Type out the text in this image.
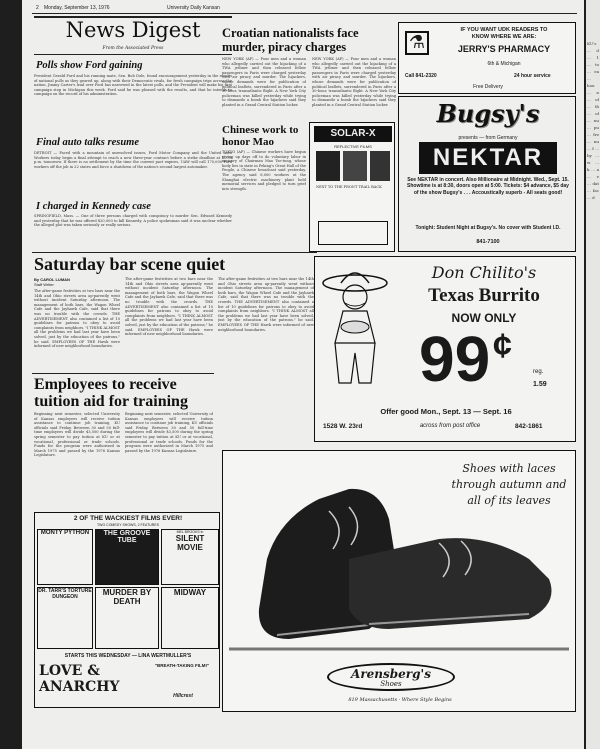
2 Monday, September 13, 1976	University Daily Kansan
News Digest
From the Associated Press
Polls show Ford gaining
President Gerald Ford and his running mate, Sen. Bob Dole, found encouragement yesterday in the results of national polls as they geared up, along with their Democratic rivals, for fresh campaign trips across the nation. Jimmy Carter's lead over Ford has narrowed in the latest polls, and the President will make his first campaign stop in Michigan this week. Ford said he was pleased with the results, and that he intends to campaign on the record of his administration.
Final auto talks resume
DETROIT — Faced with a mountain of unresolved issues, Ford Motor Company and the United Auto Workers today begin a final attempt to reach a new three-year contract before a strike deadline at 11:59 p.m. tomorrow. If there is no settlement by the time the current pact expires, UAW will call 170,000 Ford workers off the job in 22 states and force a shutdown of the nation's second largest automaker.
I charged in Kennedy case
SPRINGFIELD, Mass. — One of three persons charged with conspiracy to murder Sen. Edward Kennedy and yesterday that he was offered $20,000 to kill Kennedy. A police spokesman said it was unclear whether the alleged plot was taken seriously or really serious.
Croatian nationalists face murder, piracy charges
NEW YORK (AP) — Four men and a woman who allegedly carried out the hijacking of a TWA jetliner and then released fellow passengers in Paris were charged yesterday with air piracy and murder. The hijackers, whose demands were for publication of political leaflets, surrendered in Paris after a 30-hour, transatlantic flight. A New York City policeman was killed yesterday while trying to dismantle a bomb the hijackers said they planted in a Grand Central Station locker.
NEW YORK (AP) — Four men and a woman who allegedly carried out the hijacking of a TWA jetliner and then released fellow passengers in Paris were charged yesterday with air piracy and murder. The hijackers, whose demands were for publication of political leaflets, surrendered in Paris after a 30-hour, transatlantic flight. A New York City policeman was killed yesterday while trying to dismantle a bomb the hijackers said they planted in a Grand Central Station locker.
Chinese work to honor Mao
TOKYO (AP) — Chinese workers have begun giving up days off to do voluntary labor in memory of Chairman Mao Tse-tung, whose body lies in state in Peking's Great Hall of the People, a Chinese broadcast said yesterday. The agency said 8,000 workers at the Shanghai electric machinery plant held memorial services and pledged to turn grief into strength.
⚗
IF YOU WANT UDK READERS TO
KNOW WHERE WE ARE:
JERRY'S PHARMACY
6th & Michigan
Call 841-2320	24 hour service
Free Delivery
SOLAR-X
REFLECTIVE FILMS
NEXT TO THE FRONT TRAIL BACK
Bugsy's
presents — from Germany
NEKTAR
See NEKTAR in concert. Also Millionaire at Midnight. Wed., Sept. 15. Showtime is at 8:30, doors open at 5:00. Tickets: $4 advance, $5 day of the show Bugsy's . . . Accoustically superb - All seats good!
Tonight: Student Night at Bugsy's. No cover with Student I.D.
841-7100
Saturday bar scene quiet
By CAROL LUMAN
Staff Writer
The after-game festivities at two bars near the 14th and Ohio streets area ap-parently went without incident Saturday afternoon. The management of both bars, the Wagon Wheel Cafe and the Jayhawk Cafe, said that there was no trouble with the crowds. THE ADVERTISEMENT also contained a list of 10 guidelines for patrons to obey to avoid complaints from neighbors. "I THINK ALMOST all the problems we had last year have been solved, just by the education of the patrons," he said. EMPLOYEES OF THE Hawk were informed of new neighborhood boundaries.
The after-game festivities at two bars near the 14th and Ohio streets area ap-parently went without incident Saturday afternoon. The management of both bars, the Wagon Wheel Cafe and the Jayhawk Cafe, said that there was no trouble with the crowds. THE ADVERTISEMENT also contained a list of 10 guidelines for patrons to obey to avoid complaints from neighbors. "I THINK ALMOST all the problems we had last year have been solved, just by the education of the patrons," he said. EMPLOYEES OF THE Hawk were informed of new neighborhood boundaries.
The after-game festivities at two bars near the 14th and Ohio streets area ap-parently went without incident Saturday afternoon. The management of both bars, the Wagon Wheel Cafe and the Jayhawk Cafe, said that there was no trouble with the crowds. THE ADVERTISEMENT also contained a list of 10 guidelines for patrons to obey to avoid complaints from neighbors. "I THINK ALMOST all the problems we had last year have been solved, just by the education of the patrons," he said. EMPLOYEES OF THE Hawk were informed of new neighborhood boundaries.
Employees to receive tuition aid for training
Beginning next semester, selected University of Kansas employees will receive tuition assistance to continue job training, KU officials said Friday. Between 30 and 50 full-time employees will divide $3,500 during the spring semester to pay tuition at KU or at vocational, professional or trade schools. Funds for the program were authorized in March 1975 and passed by the 1976 Kansas Legislature.
Beginning next semester, selected University of Kansas employees will receive tuition assistance to continue job training, KU officials said Friday. Between 30 and 50 full-time employees will divide $3,500 during the spring semester to pay tuition at KU or at vocational, professional or trade schools. Funds for the program were authorized in March 1975 and passed by the 1976 Kansas Legislature.
Don Chilito's
Texas Burrito
NOW ONLY
99 ¢
reg.
1.59
Offer good Mon., Sept. 13 — Sept. 16
1528 W. 23rd	across from post office	842-1861
2 OF THE WACKIEST FILMS EVER!
TWO COMEDY SHOWS, 2 FEATURES
MONTY PYTHON	THE GROOVE TUBE
MEL BROOKS in
SILENT MOVIE
DR. TARR'S TORTURE DUNGEON	MURDER BY DEATH
MIDWAY
STARTS THIS WEDNESDAY — LINA WERTMULLER'S
LOVE & ANARCHY
"BREATH-TAKING FILM!"
Hillcrest
Shoes with laces through autumn and all of its leaves
Arensberg's
Shoes
819 Massachusetts · Where Style Begins
KU's ... d ... 1 ... to ... ea ... hou ... n ... of ... th ... of ... nu ... pu ... fre ... nu ... f ... by ... w ... k ... a ... e ... dat ... fac ... d
